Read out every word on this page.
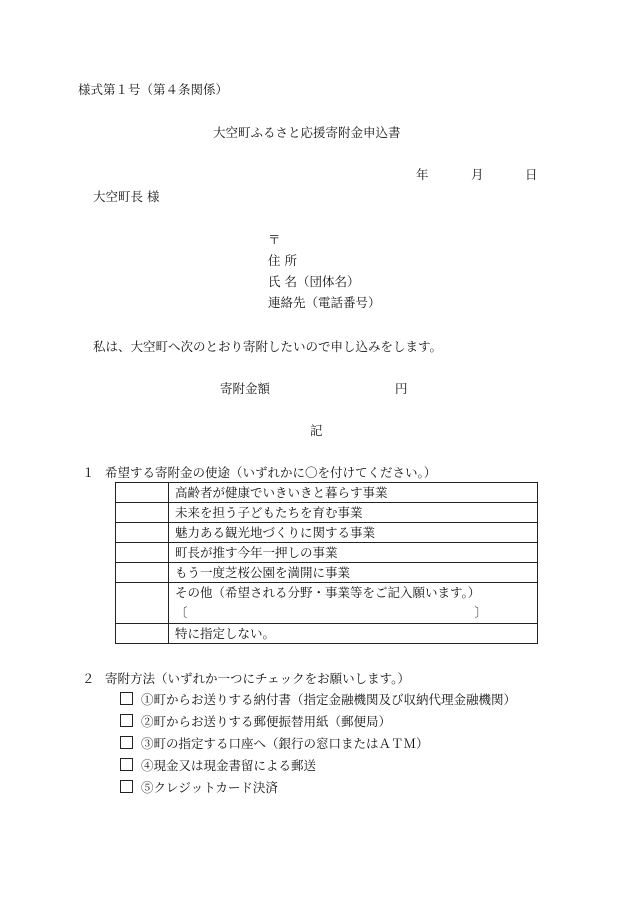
様式第１号（第４条関係）
大空町ふるさと応援寄附金申込書
年	月	日
大空町長 様
〒
住 所
氏 名（団体名）
連絡先（電話番号）
私は、大空町へ次のとおり寄附したいので申し込みをします。
寄附金額	円
記
１ 希望する寄附金の使途（いずれかに〇を付けてください。）
	高齢者が健康でいきいきと暮らす事業
	未来を担う子どもたちを育む事業
	魅力ある観光地づくりに関する事業
	町長が推す今年一押しの事業
	もう一度芝桜公園を満開に事業

	その他（希望される分野・事業等をご記入願います。）
〔 〕

	特に指定しない。
２ 寄附方法（いずれか一つにチェックをお願いします。）
①町からお送りする納付書（指定金融機関及び収納代理金融機関）
②町からお送りする郵便振替用紙（郵便局）
③町の指定する口座へ（銀行の窓口またはＡＴＭ）
④現金又は現金書留による郵送
⑤クレジットカード決済
